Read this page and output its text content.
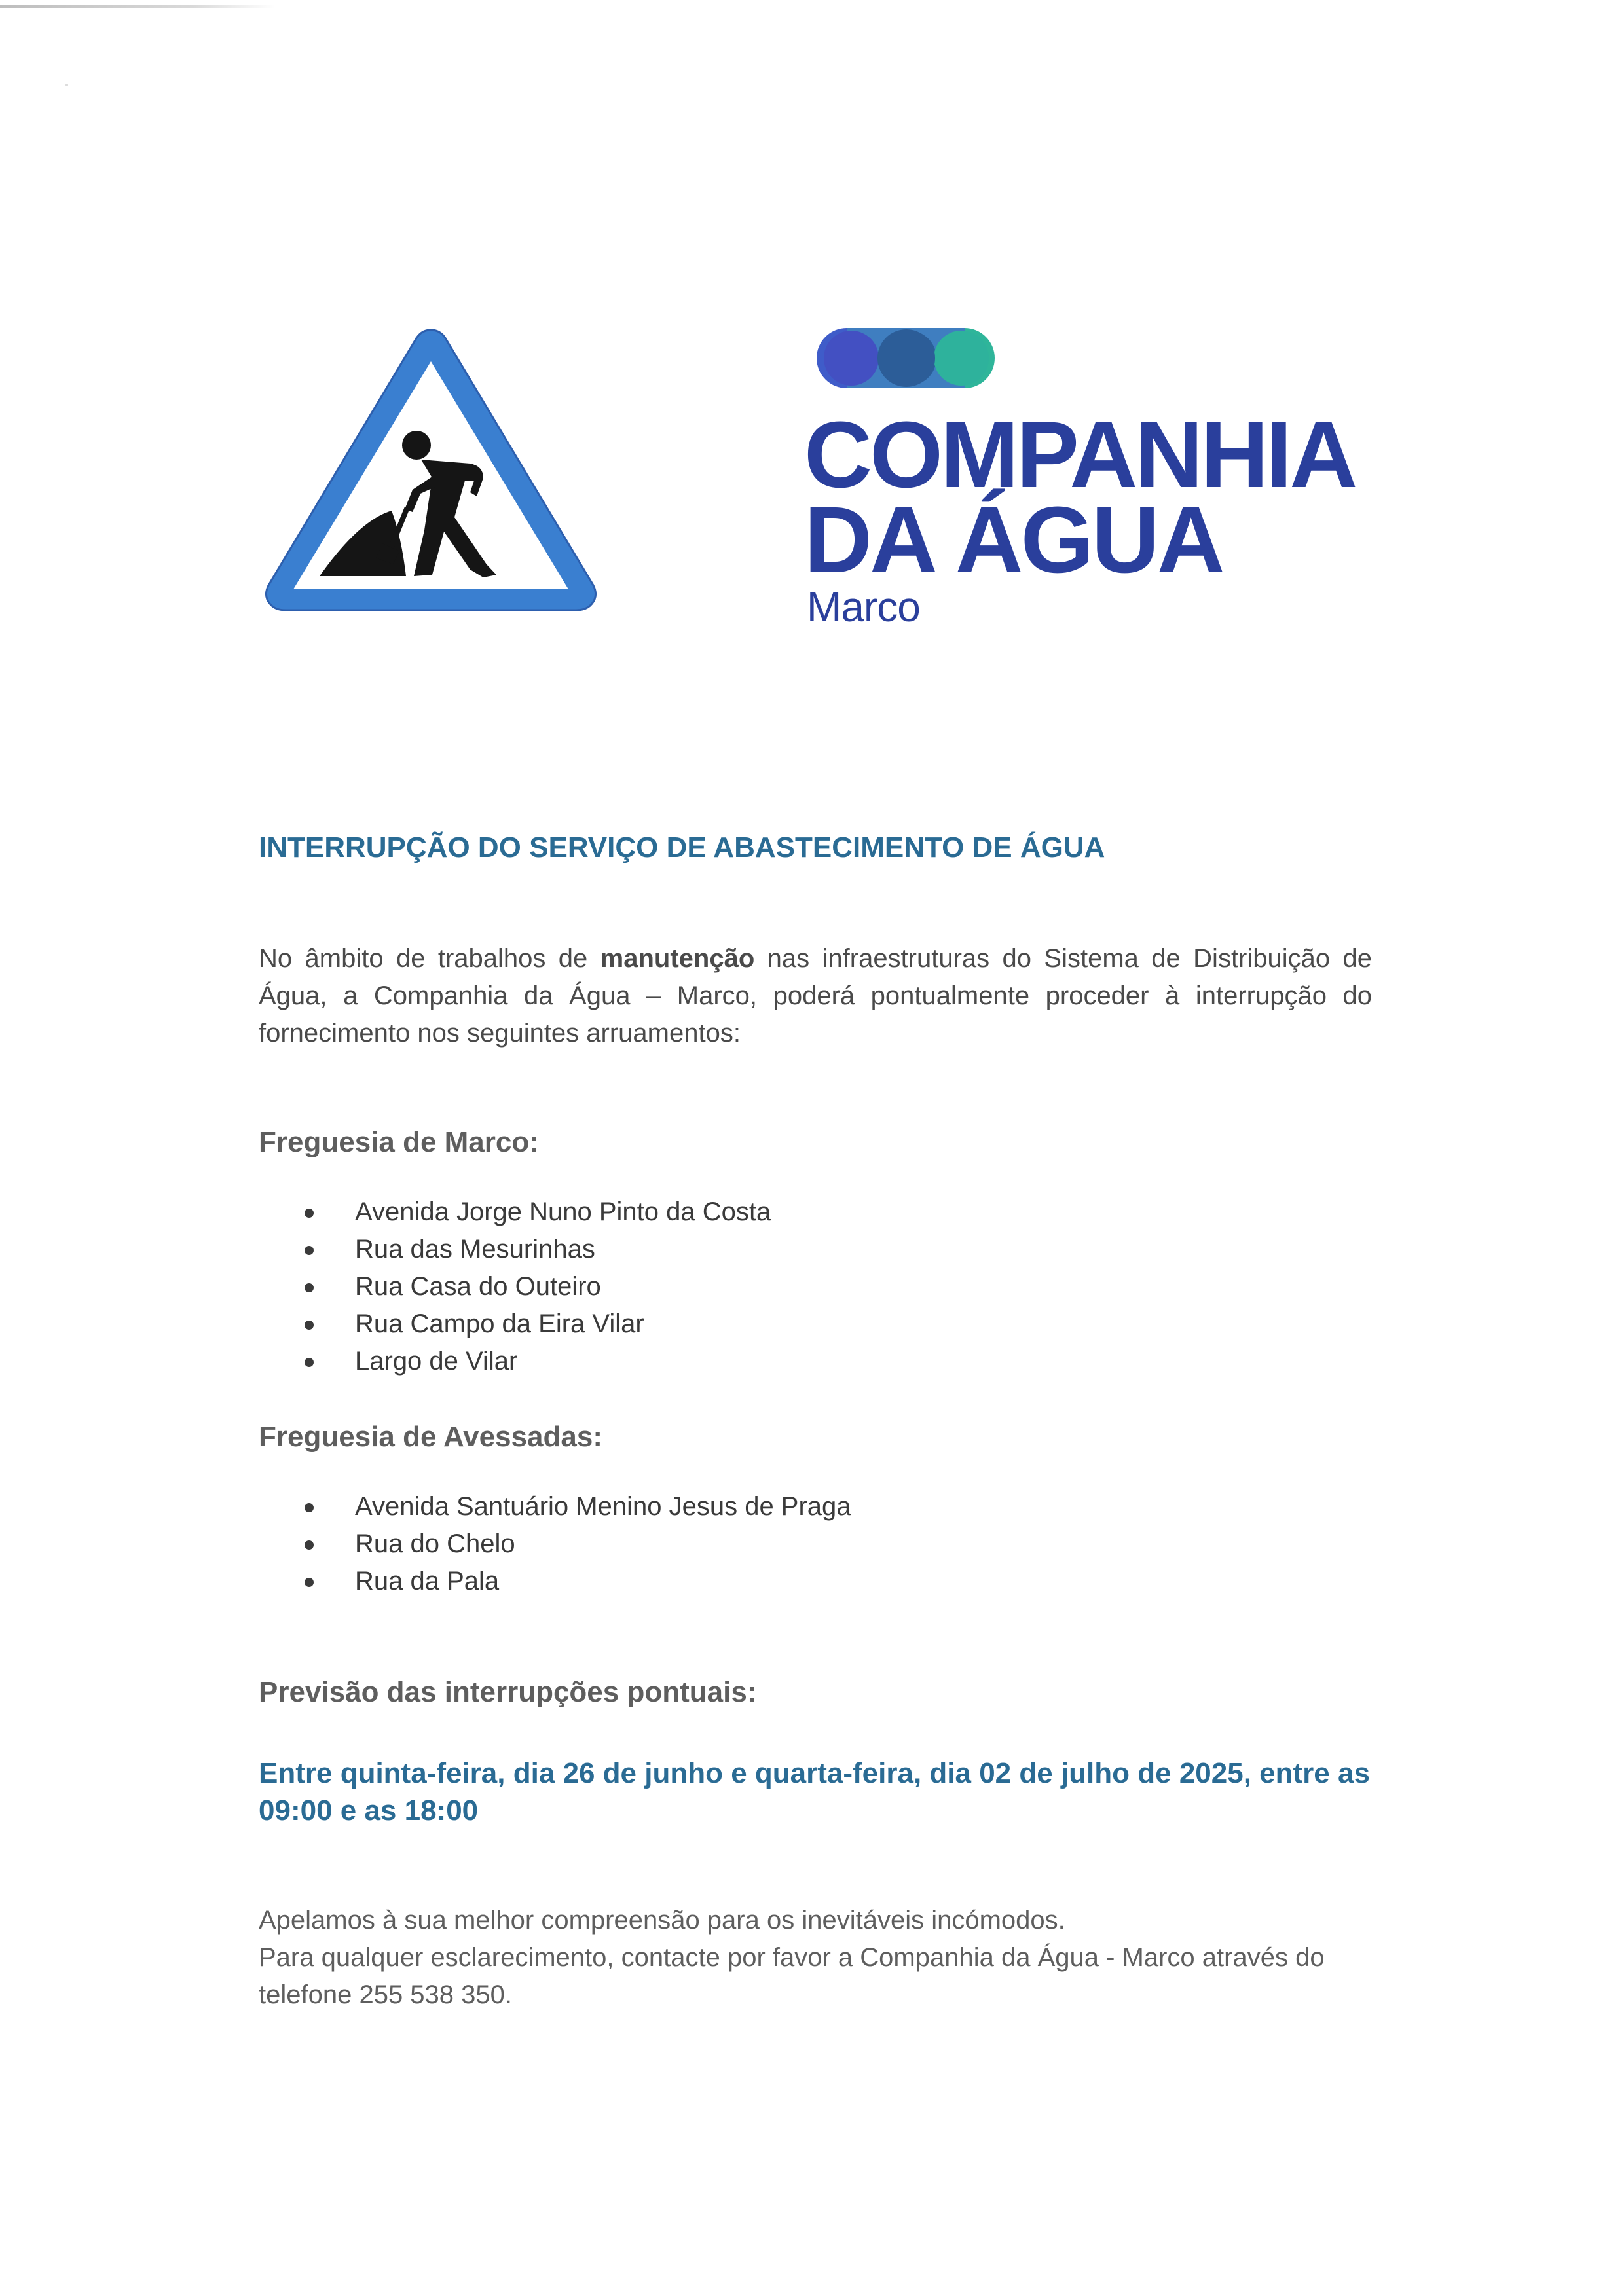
COMPANHIA
DA ÁGUA
Marco
INTERRUPÇÃO DO SERVIÇO DE ABASTECIMENTO DE ÁGUA
No âmbito de trabalhos de manutenção nas infraestruturas do Sistema de Distribuição de Água, a Companhia da Água – Marco, poderá pontualmente proceder à interrupção do fornecimento nos seguintes arruamentos:
Freguesia de Marco:
Avenida Jorge Nuno Pinto da Costa
Rua das Mesurinhas
Rua Casa do Outeiro
Rua Campo da Eira Vilar
Largo de Vilar
Freguesia de Avessadas:
Avenida Santuário Menino Jesus de Praga
Rua do Chelo
Rua da Pala
Previsão das interrupções pontuais:
Entre quinta-feira, dia 26 de junho e quarta-feira, dia 02 de julho de 2025, entre as 09:00 e as 18:00
Apelamos à sua melhor compreensão para os inevitáveis incómodos.
Para qualquer esclarecimento, contacte por favor a Companhia da Água - Marco através do telefone 255 538 350.
